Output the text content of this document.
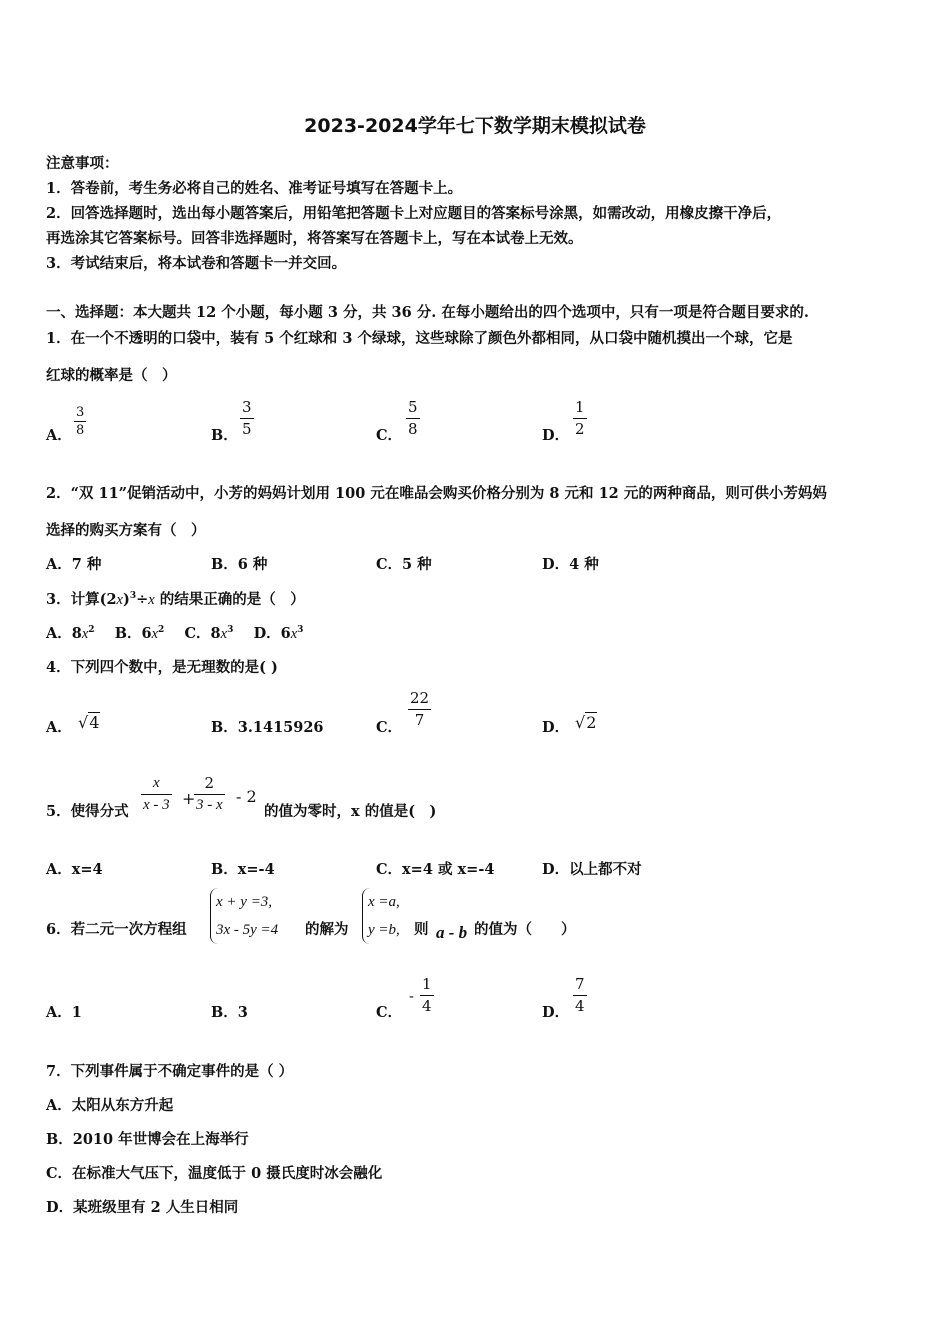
2023-2024学年七下数学期末模拟试卷
注意事项：
1．答卷前，考生务必将自己的姓名、准考证号填写在答题卡上。
2．回答选择题时，选出每小题答案后，用铅笔把答题卡上对应题目的答案标号涂黑，如需改动，用橡皮擦干净后，
再选涂其它答案标号。回答非选择题时，将答案写在答题卡上，写在本试卷上无效。
3．考试结束后，将本试卷和答题卡一并交回。
一、选择题：本大题共 12 个小题，每小题 3 分，共 36 分. 在每小题给出的四个选项中，只有一项是符合题目要求的.
1．在一个不透明的口袋中，装有 5 个红球和 3 个绿球，这些球除了颜色外都相同，从口袋中随机摸出一个球，它是
红球的概率是（　）
A．
3
8	B．
3
5	C．
5
8	D．
1
2
2．“双 11”促销活动中，小芳的妈妈计划用 100 元在唯品会购买价格分别为 8 元和 12 元的两种商品，则可供小芳妈妈
选择的购买方案有（　）
A．7 种	B．6 种	C．5 种	D．4 种
3．计算$(2x)^3\div x$ 的结果正确的是（　）
A．$8x^2$ B．$6x^2$ C．$8x^3$ D．$6x^3$
4．下列四个数中，是无理数的是( )
A． √4	B．3.1415926	C．
22
7	D． √2
5．使得分式
x
x - 3 +
2
3 - x - 2
的值为零时，x 的值是(　)
A．x=4	B．x=-4	C．x=4 或 x=-4	D．以上都不对
6．若二元一次方程组
x + y =3,
3x - 5y =4 的解为
x =a,
y =b, 则 a - b 的值为（　　）
A．1	B．3	C．
-
1
4	D．
7
4
7．下列事件属于不确定事件的是（ ）
A．太阳从东方升起
B．2010 年世博会在上海举行
C．在标准大气压下，温度低于 0 摄氏度时冰会融化
D．某班级里有 2 人生日相同
